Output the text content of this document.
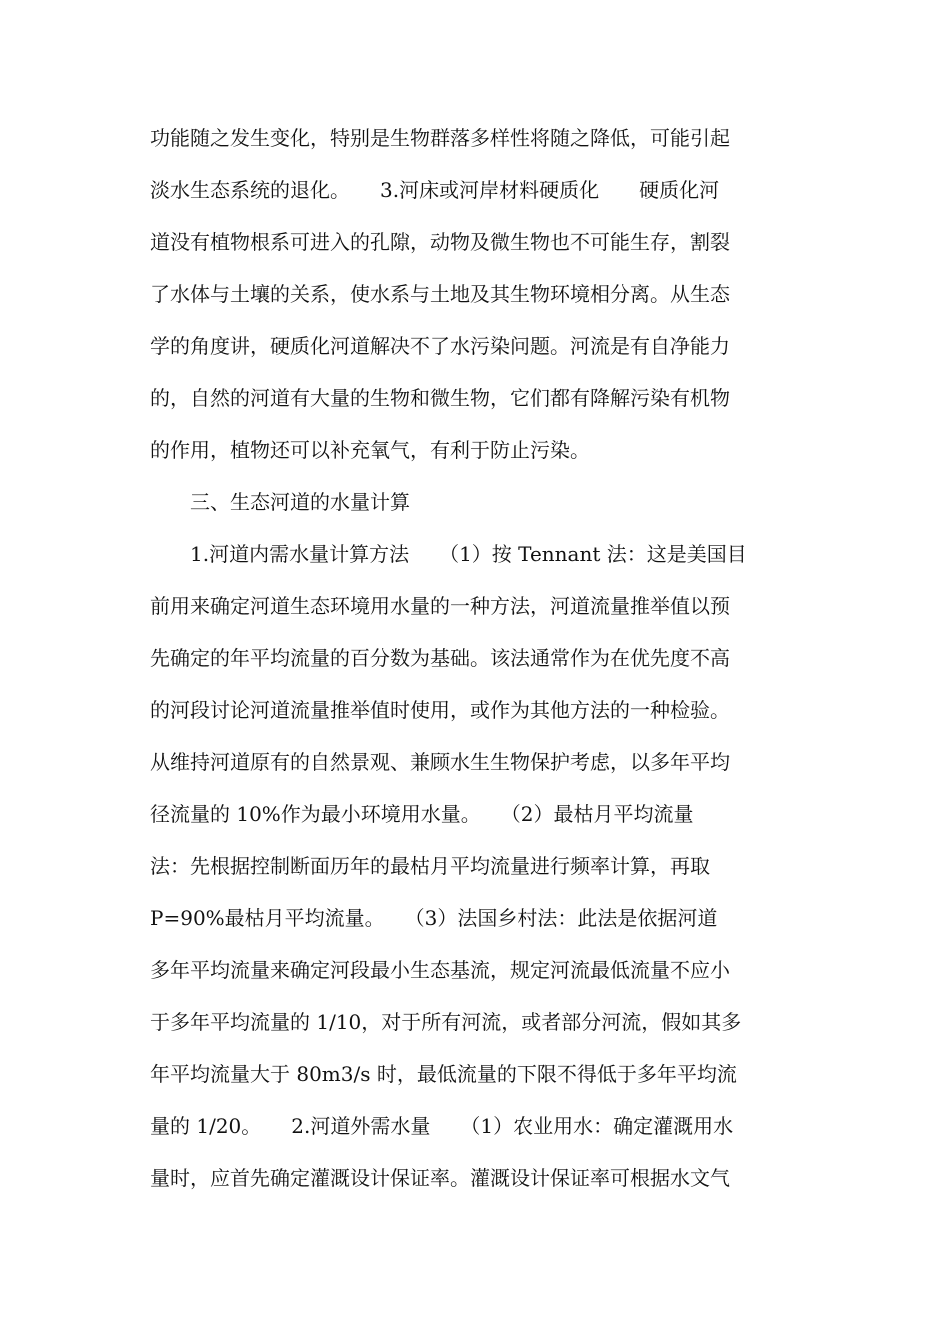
功能随之发生变化，特别是生物群落多样性将随之降低，可能引起
淡水生态系统的退化。　　3.河床或河岸材料硬质化　　硬质化河
道没有植物根系可进入的孔隙，动物及微生物也不可能生存，割裂
了水体与土壤的关系，使水系与土地及其生物环境相分离。从生态
学的角度讲，硬质化河道解决不了水污染问题。河流是有自净能力
的，自然的河道有大量的生物和微生物，它们都有降解污染有机物
的作用，植物还可以补充氧气，有利于防止污染。
　　三、生态河道的水量计算
　　1.河道内需水量计算方法　　（1）按 Tennant 法：这是美国目
前用来确定河道生态环境用水量的一种方法，河道流量推举值以预
先确定的年平均流量的百分数为基础。该法通常作为在优先度不高
的河段讨论河道流量推举值时使用，或作为其他方法的一种检验。
从维持河道原有的自然景观、兼顾水生生物保护考虑，以多年平均
径流量的 10%作为最小环境用水量。　　（2）最枯月平均流量
法：先根据控制断面历年的最枯月平均流量进行频率计算，再取
P=90%最枯月平均流量。　　（3）法国乡村法：此法是依据河道
多年平均流量来确定河段最小生态基流，规定河流最低流量不应小
于多年平均流量的 1/10，对于所有河流，或者部分河流，假如其多
年平均流量大于 80m3/s 时，最低流量的下限不得低于多年平均流
量的 1/20。　　2.河道外需水量　　（1）农业用水：确定灌溉用水
量时，应首先确定灌溉设计保证率。灌溉设计保证率可根据水文气
